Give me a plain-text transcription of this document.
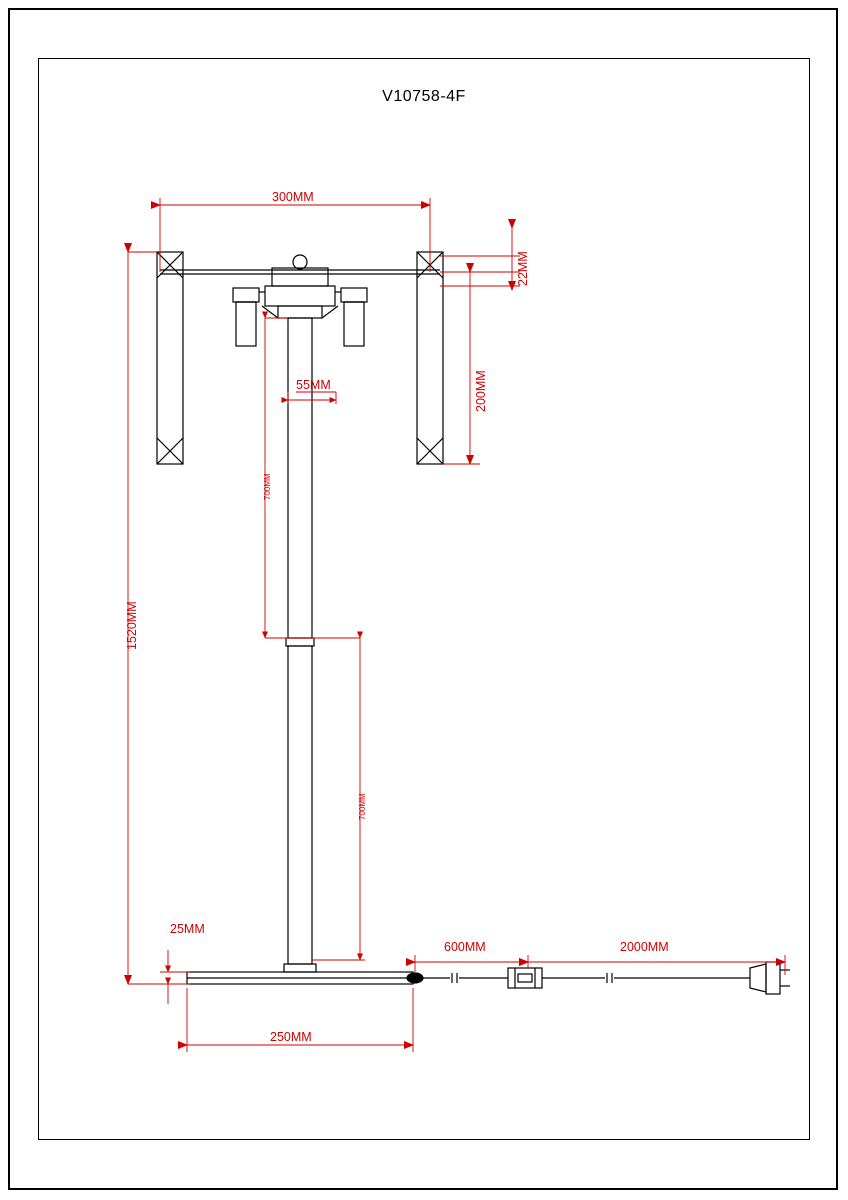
V10758-4F
300MM
22MM
200MM
55MM
700MM
700MM
1520MM
25MM
250MM
600MM	2000MM
